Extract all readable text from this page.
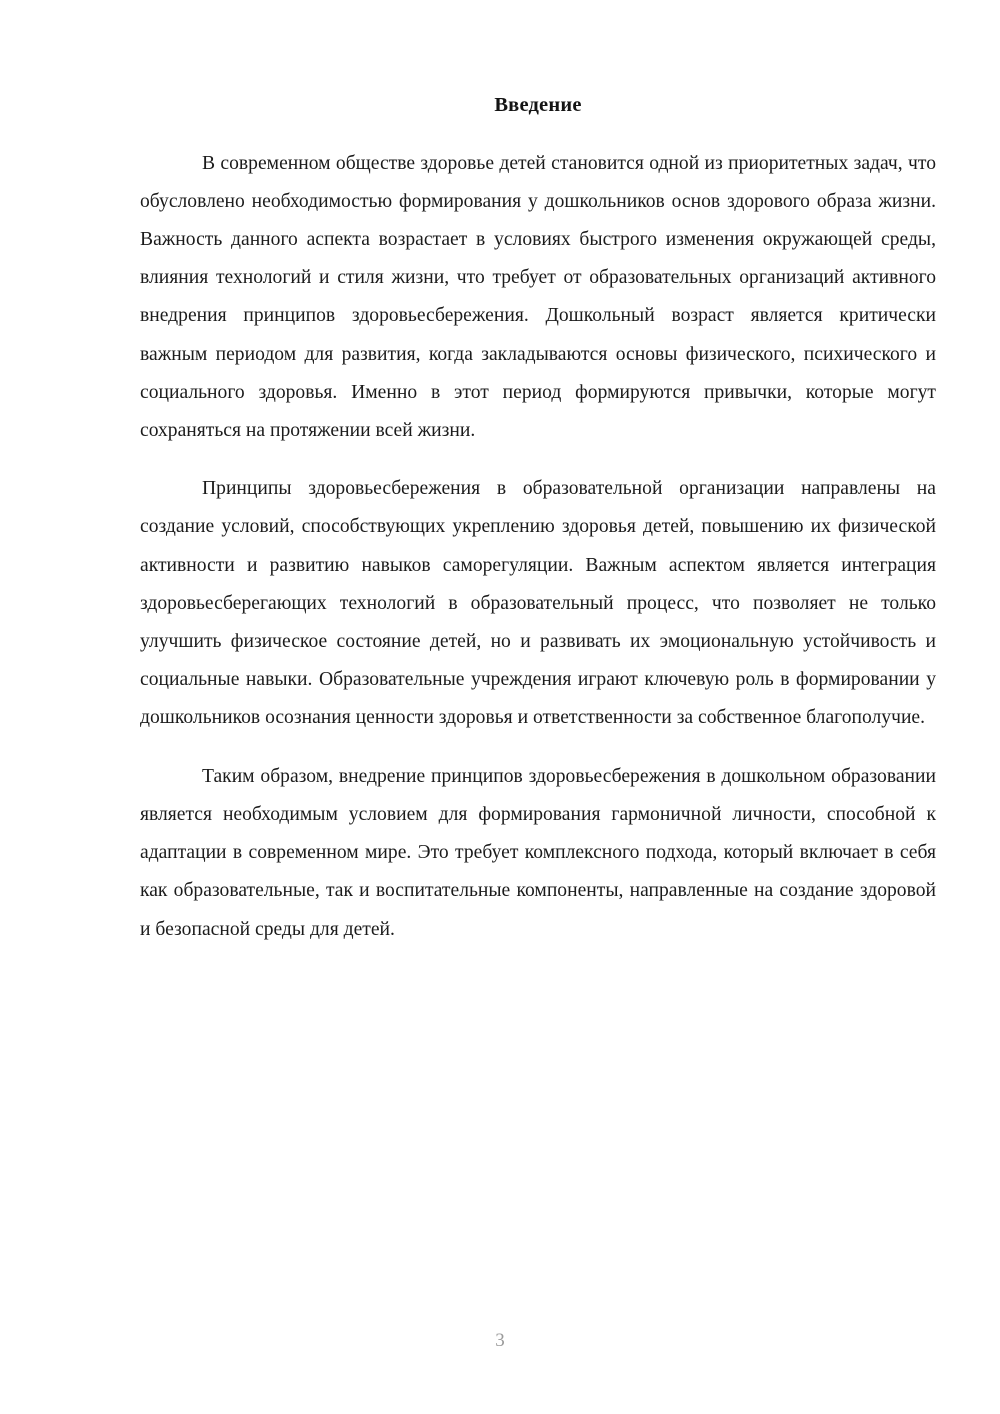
Введение

В современном обществе здоровье детей становится одной из приоритетных задач, что обусловлено необходимостью формирования у дошкольников основ здорового образа жизни. Важность данного аспекта возрастает в условиях быстрого изменения окружающей среды, влияния технологий и стиля жизни, что требует от образовательных организаций активного внедрения принципов здоровьесбережения. Дошкольный возраст является критически важным периодом для развития, когда закладываются основы физического, психического и социального здоровья. Именно в этот период формируются привычки, которые могут сохраняться на протяжении всей жизни.

Принципы здоровьесбережения в образовательной организации направлены на создание условий, способствующих укреплению здоровья детей, повышению их физической активности и развитию навыков саморегуляции. Важным аспектом является интеграция здоровьесберегающих технологий в образовательный процесс, что позволяет не только улучшить физическое состояние детей, но и развивать их эмоциональную устойчивость и социальные навыки. Образовательные учреждения играют ключевую роль в формировании у дошкольников осознания ценности здоровья и ответственности за собственное благополучие.

Таким образом, внедрение принципов здоровьесбережения в дошкольном образовании является необходимым условием для формирования гармоничной личности, способной к адаптации в современном мире. Это требует комплексного подхода, который включает в себя как образовательные, так и воспитательные компоненты, направленные на создание здоровой и безопасной среды для детей.

3
